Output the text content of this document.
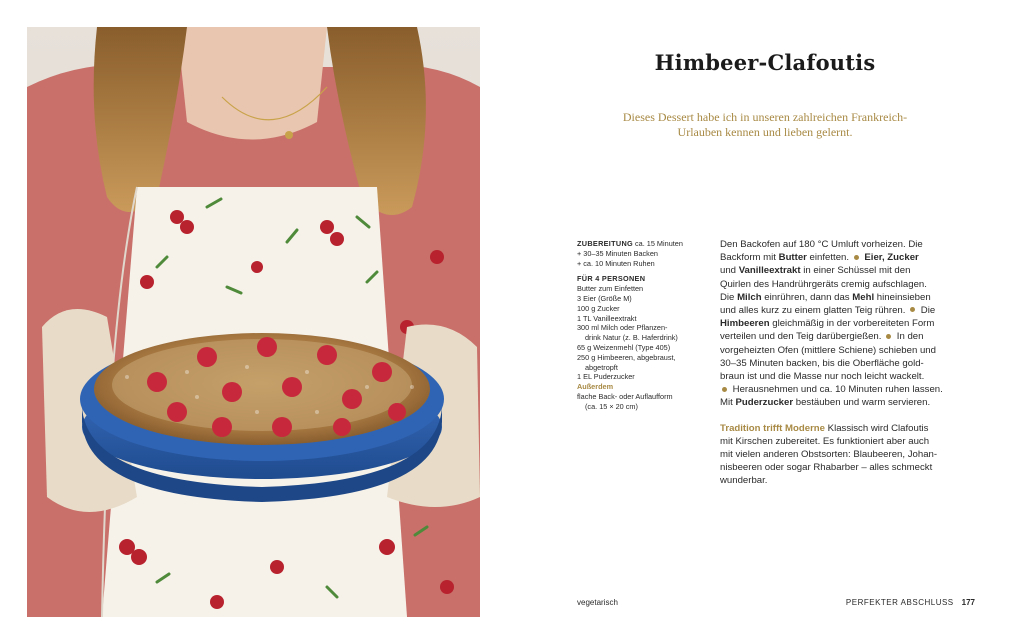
Himbeer-Clafoutis
Dieses Dessert habe ich in unseren zahlreichen Frankreich-
Urlauben kennen und lieben gelernt.
ZUBEREITUNG ca. 15 Minuten
+ 30–35 Minuten Backen
+ ca. 10 Minuten Ruhen
FÜR 4 PERSONEN
Butter zum Einfetten
3 Eier (Größe M)
100 g Zucker
1 TL Vanilleextrakt
300 ml Milch oder Pflanzen-
drink Natur (z. B. Haferdrink)
65 g Weizenmehl (Type 405)
250 g Himbeeren, abgebraust,
abgetropft
1 EL Puderzucker
Außerdem
flache Back- oder Auflaufform
(ca. 15 × 20 cm)
Den Backofen auf 180 °C Umluft vorheizen. Die
Backform mit Butter einfetten. Eier, Zucker
und Vanilleextrakt in einer Schüssel mit den
Quirlen des Handrührgeräts cremig aufschlagen.
Die Milch einrühren, dann das Mehl hineinsieben
und alles kurz zu einem glatten Teig rühren. Die
Himbeeren gleichmäßig in der vorbereiteten Form
verteilen und den Teig darübergießen. In den
vorgeheizten Ofen (mittlere Schiene) schieben und
30–35 Minuten backen, bis die Oberfläche gold-
braun ist und die Masse nur noch leicht wackelt.
Herausnehmen und ca. 10 Minuten ruhen lassen.
Mit Puderzucker bestäuben und warm servieren.
Tradition trifft Moderne Klassisch wird Clafoutis
mit Kirschen zubereitet. Es funktioniert aber auch
mit vielen anderen Obstsorten: Blaubeeren, Johan-
nisbeeren oder sogar Rhabarber – alles schmeckt
wunderbar.
vegetarisch	PERFEKTER ABSCHLUSS 177
